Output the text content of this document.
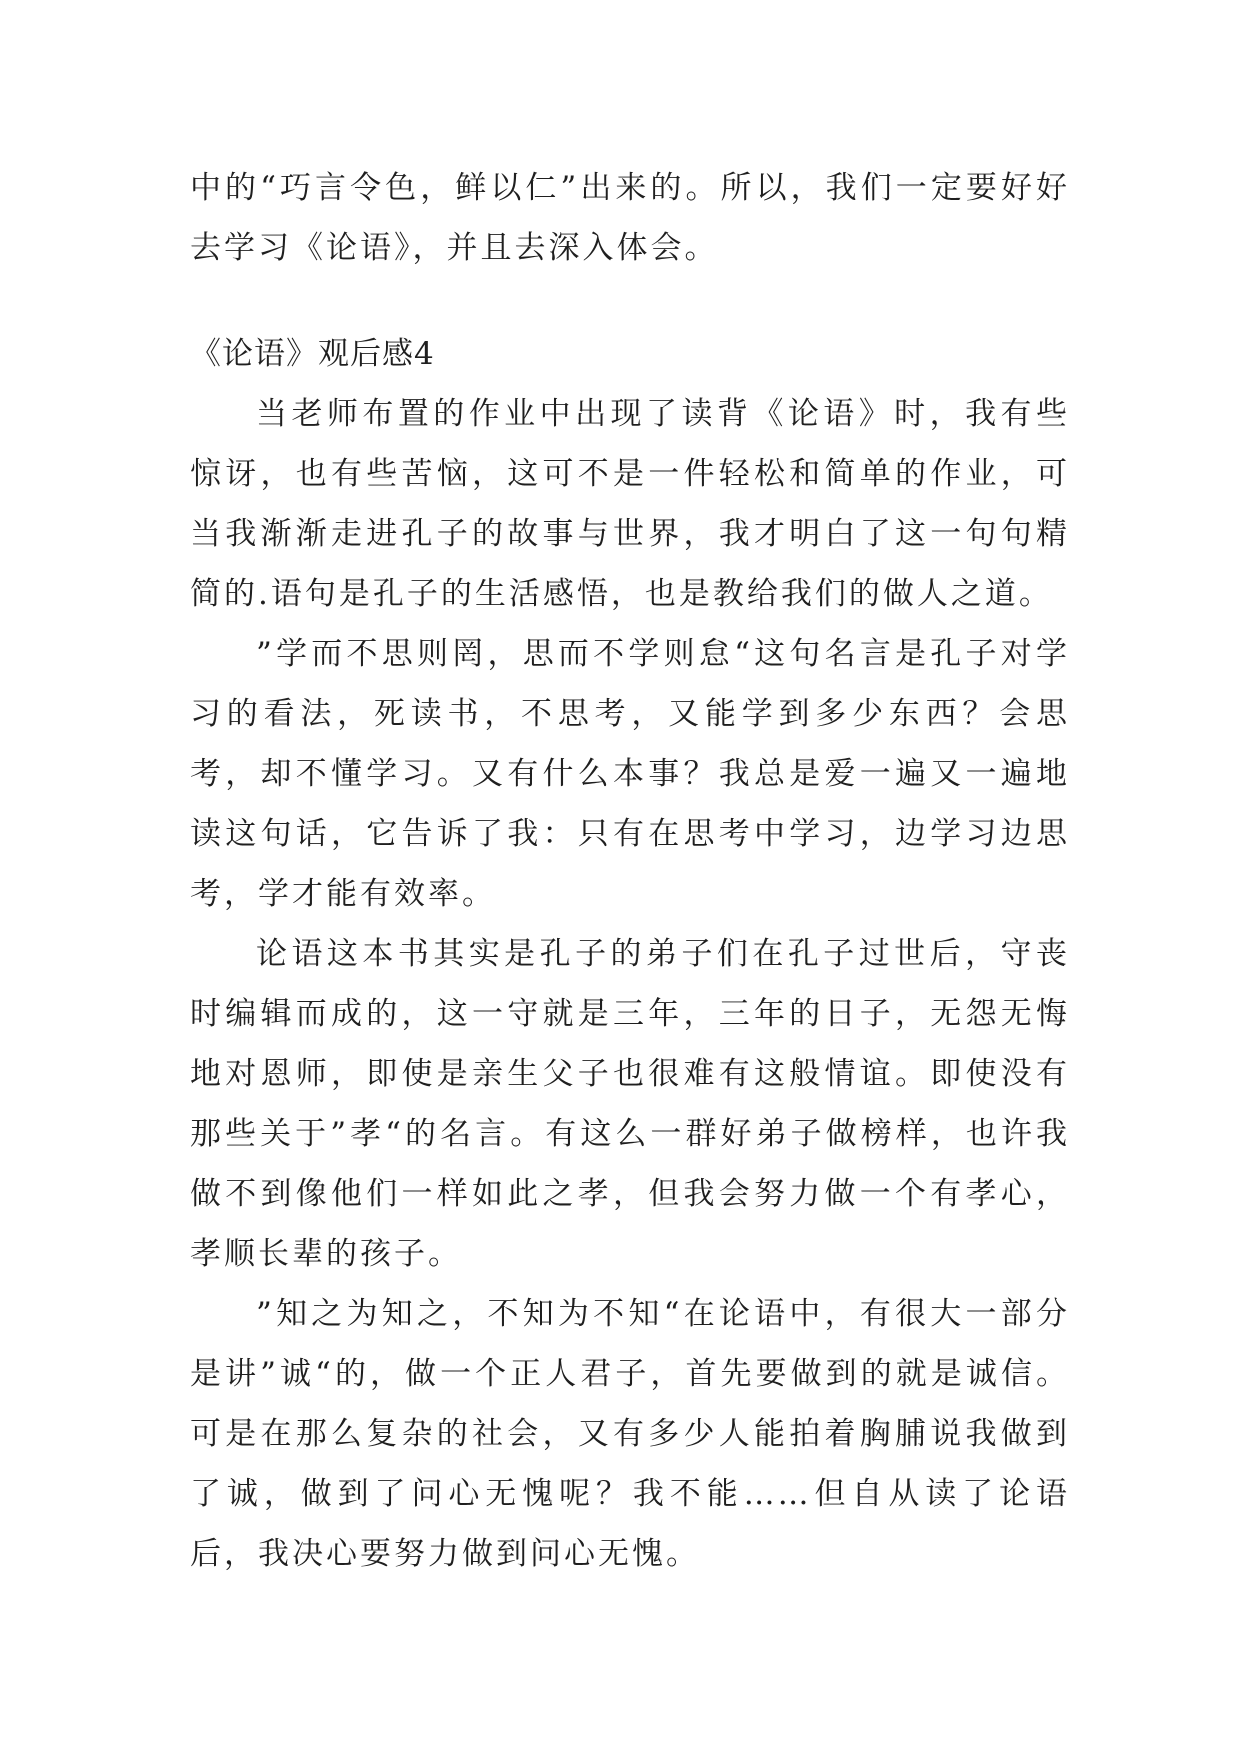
中的“巧言令色，鲜以仁”出来的。所以，我们一定要好好去学习《论语》，并且去深入体会。

《论语》观后感4

当老师布置的作业中出现了读背《论语》时，我有些惊讶，也有些苦恼，这可不是一件轻松和简单的作业，可当我渐渐走进孔子的故事与世界，我才明白了这一句句精简的.语句是孔子的生活感悟，也是教给我们的做人之道。

”学而不思则罔，思而不学则怠“这句名言是孔子对学习的看法，死读书，不思考，又能学到多少东西？会思考，却不懂学习。又有什么本事？我总是爱一遍又一遍地读这句话，它告诉了我：只有在思考中学习，边学习边思考，学才能有效率。

论语这本书其实是孔子的弟子们在孔子过世后，守丧时编辑而成的，这一守就是三年，三年的日子，无怨无悔地对恩师，即使是亲生父子也很难有这般情谊。即使没有那些关于”孝“的名言。有这么一群好弟子做榜样，也许我做不到像他们一样如此之孝，但我会努力做一个有孝心，孝顺长辈的孩子。

”知之为知之，不知为不知“在论语中，有很大一部分是讲”诚“的，做一个正人君子，首先要做到的就是诚信。可是在那么复杂的社会，又有多少人能拍着胸脯说我做到了诚，做到了问心无愧呢？我不能……但自从读了论语后，我决心要努力做到问心无愧。
